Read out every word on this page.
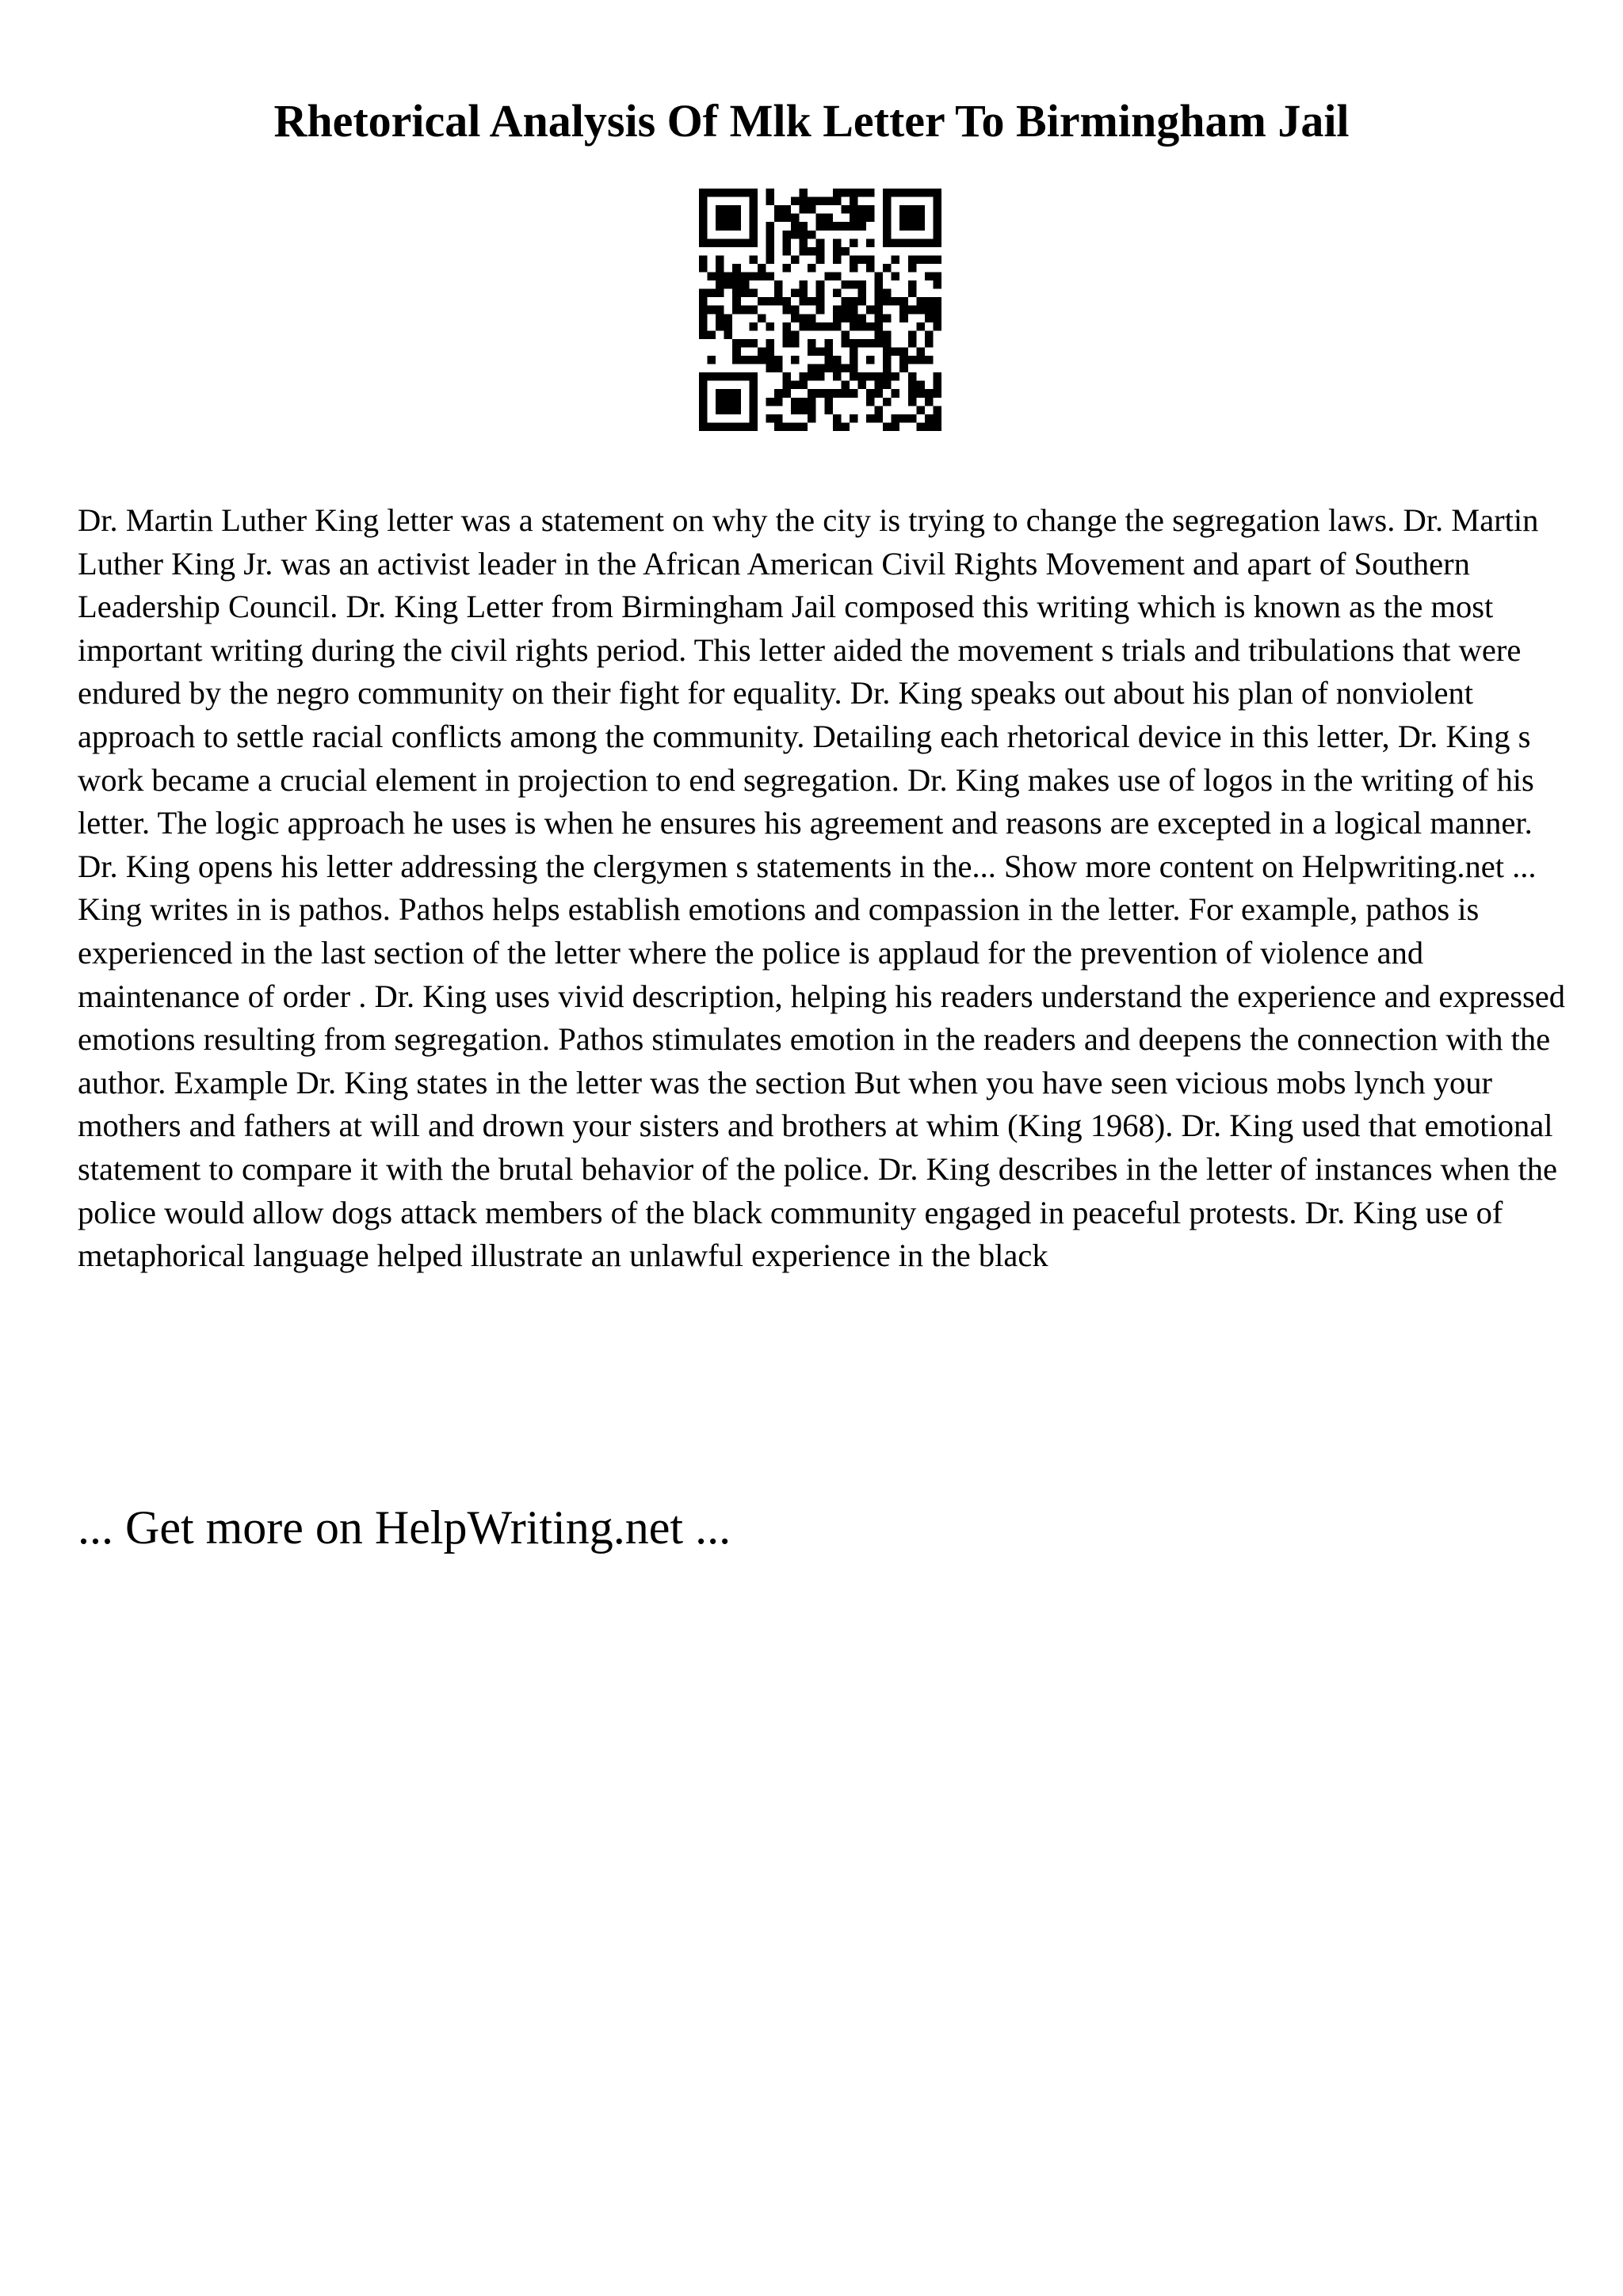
Rhetorical Analysis Of Mlk Letter To Birmingham Jail

Dr. Martin Luther King letter was a statement on why the city is trying to change the segregation laws. Dr. Martin Luther King Jr. was an activist leader in the African American Civil Rights Movement and apart of Southern Leadership Council. Dr. King Letter from Birmingham Jail composed this writing which is known as the most important writing during the civil rights period. This letter aided the movement s trials and tribulations that were endured by the negro community on their fight for equality. Dr. King speaks out about his plan of nonviolent approach to settle racial conflicts among the community. Detailing each rhetorical device in this letter, Dr. King s work became a crucial element in projection to end segregation. Dr. King makes use of logos in the writing of his letter. The logic approach he uses is when he ensures his agreement and reasons are excepted in a logical manner. Dr. King opens his letter addressing the clergymen s statements in the... Show more content on Helpwriting.net ...

King writes in is pathos. Pathos helps establish emotions and compassion in the letter. For example, pathos is experienced in the last section of the letter where the police is applaud for the prevention of violence and maintenance of order . Dr. King uses vivid description, helping his readers understand the experience and expressed emotions resulting from segregation. Pathos stimulates emotion in the readers and deepens the connection with the author. Example Dr. King states in the letter was the section But when you have seen vicious mobs lynch your mothers and fathers at will and drown your sisters and brothers at whim (King 1968). Dr. King used that emotional statement to compare it with the brutal behavior of the police. Dr. King describes in the letter of instances when the police would allow dogs attack members of the black community engaged in peaceful protests. Dr. King use of metaphorical language helped illustrate an unlawful experience in the black

... Get more on HelpWriting.net ...
